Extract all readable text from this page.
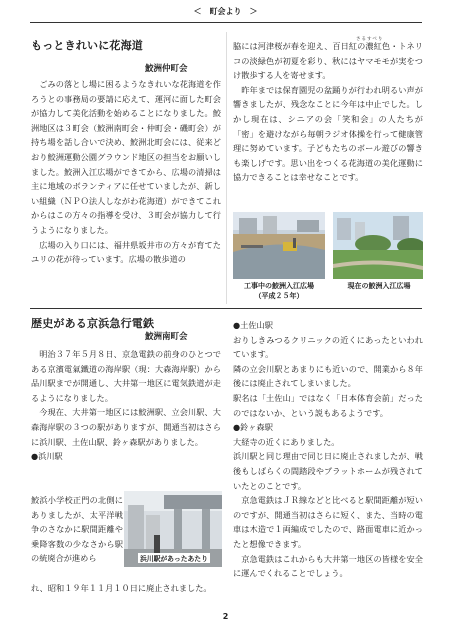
＜　町会より　＞
もっときれいに花海道
鮫洲仲町会

ごみの落とし場に困るようなきれいな花海道を作ろうとの事務局の要請に応えて、運河に面した町会が協力して美化活動を始めることになりました。鮫洲地区は３町会（鮫洲南町会・仲町会・磯町会）が持ち場を話し合いで決め、鮫洲北町会には、従来どおり鮫洲運動公園グラウンド地区の担当をお願いしました。鮫洲入江広場ができてから、広場の清掃は主に地域のボランティアに任せていましたが、新しい組織（ＮＰＯ法人しながわ花海道）ができてこれからはこの方々の指導を受け、３町会が協力して行うようになりました。

広場の入り口には、福井県坂井市の方々が育てたユリの花が待っています。広場の散歩道の

さるすべり

脇には河津桜が春を迎え、百日紅の濃紅色・トネリコの淡緑色が初夏を彩り、秋にはヤマモモが実をつけ散歩する人を寄せます。

昨年までは保育園児の盆踊りが行われ明るい声が響きましたが、残念なことに今年は中止でした。しかし現在は、シニアの会「笑和会」の人たちが「密」を避けながら毎朝ラジオ体操を行って健康管理に努めています。子どもたちのボール遊びの響きも楽しげです。思い出をつくる花海道の美化運動に協力できることは幸せなことです。

工事中の鮫洲入江広場
（平成２５年）
現在の鮫洲入江広場
歴史がある京浜急行電鉄
鮫洲南町会

明治３７年５月８日、京急電鉄の前身のひとつである京濱電氣鐵道の海岸駅（現：大森海岸駅）から品川駅までが開通し、大井第一地区に電気鉄道が走るようになりました。

今現在、大井第一地区には鮫洲駅、立会川駅、大森海岸駅の３つの駅がありますが、開通当初はさらに浜川駅、土佐山駅、鈴ヶ森駅がありました。

●浜川駅

鮫浜小学校正門の北側にありましたが、太平洋戦争のさなかに駅間距離や乗降客数の少なさから駅の統廃合が進めら	浜川駅があったあたり
れ、昭和１９年１１月１０日に廃止されました。

●土佐山駅

おりしきみつるクリニックの近くにあったといわれています。

隣の立会川駅とあまりにも近いので、開業から８年後には廃止されてしまいました。

駅名は「土佐山」ではなく「日本体育会前」だったのではないか、という説もあるようです。

●鈴ヶ森駅

大経寺の近くにありました。

浜川駅と同じ理由で同じ日に廃止されましたが、戦後もしばらくの間踏段やプラットホームが残されていたとのことです。

京急電鉄はＪＲ線などと比べると駅間距離が短いのですが、開通当初はさらに短く、また、当時の電車は木造で１両編成でしたので、路面電車に近かったと想像できます。

京急電鉄はこれからも大井第一地区の皆様を安全に運んでくれることでしょう。

2
